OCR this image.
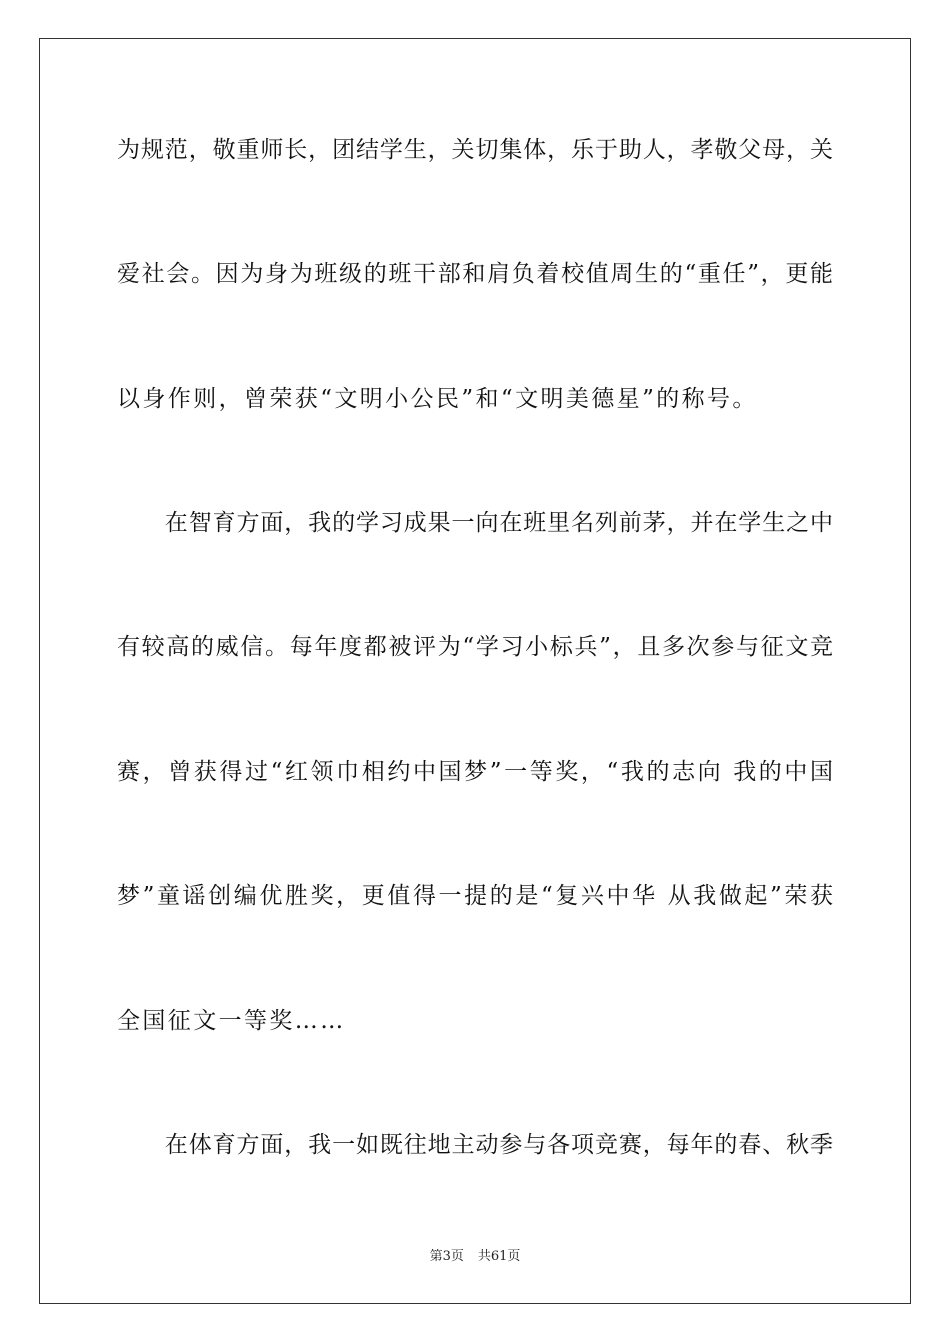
为规范，敬重师长，团结学生，关切集体，乐于助人，孝敬父母，关
爱社会。因为身为班级的班干部和肩负着校值周生的“重任”，更能
以身作则，曾荣获“文明小公民”和“文明美德星”的称号。
　　在智育方面，我的学习成果一向在班里名列前茅，并在学生之中
有较高的威信。每年度都被评为“学习小标兵”，且多次参与征文竞
赛，曾获得过“红领巾相约中国梦”一等奖，“我的志向 我的中国
梦”童谣创编优胜奖，更值得一提的是“复兴中华 从我做起”荣获
全国征文一等奖……
　　在体育方面，我一如既往地主动参与各项竞赛，每年的春、秋季
第3页 共61页
